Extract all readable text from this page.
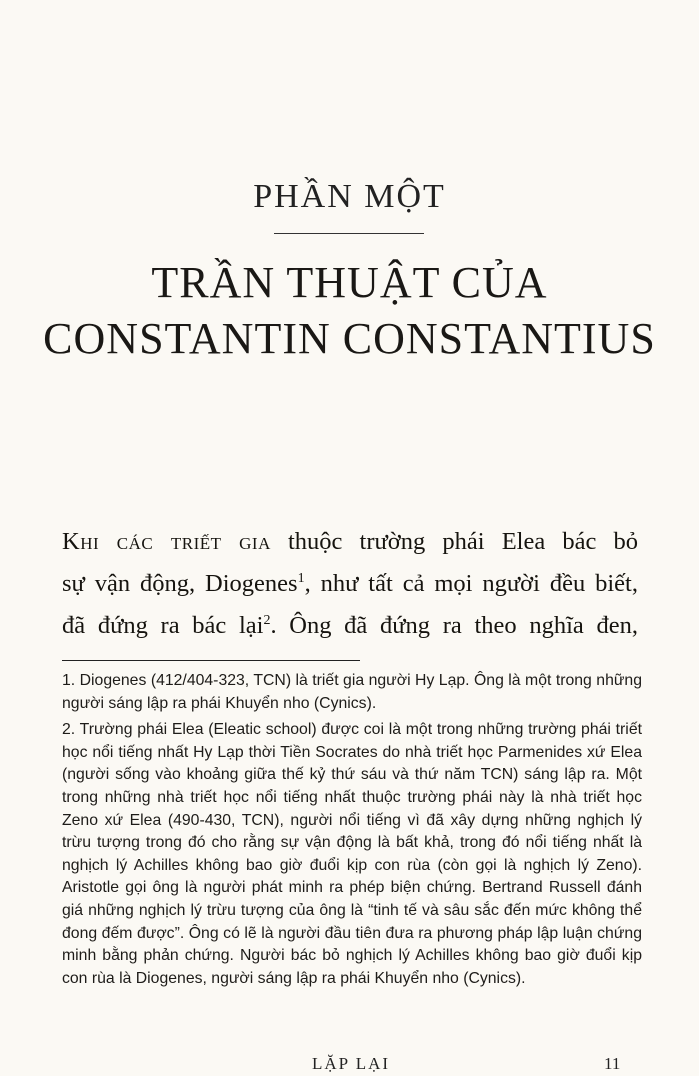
PHẦN MỘT
TRẦN THUẬT CỦA
CONSTANTIN CONSTANTIUS
Khi các triết gia thuộc trường phái Elea bác bỏ
sự vận động, Diogenes$^1$, như tất cả mọi người đều biết,
đã đứng ra bác lại$^2$. Ông đã đứng ra theo nghĩa đen,

1. Diogenes (412/404-323, TCN) là triết gia người Hy Lạp. Ông là một trong những người sáng lập ra phái Khuyển nho (Cynics).

2. Trường phái Elea (Eleatic school) được coi là một trong những trường phái triết học nổi tiếng nhất Hy Lạp thời Tiền Socrates do nhà triết học Parmenides xứ Elea (người sống vào khoảng giữa thế kỷ thứ sáu và thứ năm TCN) sáng lập ra. Một trong những nhà triết học nổi tiếng nhất thuộc trường phái này là nhà triết học Zeno xứ Elea (490-430, TCN), người nổi tiếng vì đã xây dựng những nghịch lý trừu tượng trong đó cho rằng sự vận động là bất khả, trong đó nổi tiếng nhất là nghịch lý Achilles không bao giờ đuổi kịp con rùa (còn gọi là nghịch lý Zeno). Aristotle gọi ông là người phát minh ra phép biện chứng. Bertrand Russell đánh giá những nghịch lý trừu tượng của ông là “tinh tế và sâu sắc đến mức không thể đong đếm được”. Ông có lẽ là người đầu tiên đưa ra phương pháp lập luận chứng minh bằng phản chứng. Người bác bỏ nghịch lý Achilles không bao giờ đuổi kịp con rùa là Diogenes, người sáng lập ra phái Khuyển nho (Cynics).

LẶP LẠI	11
